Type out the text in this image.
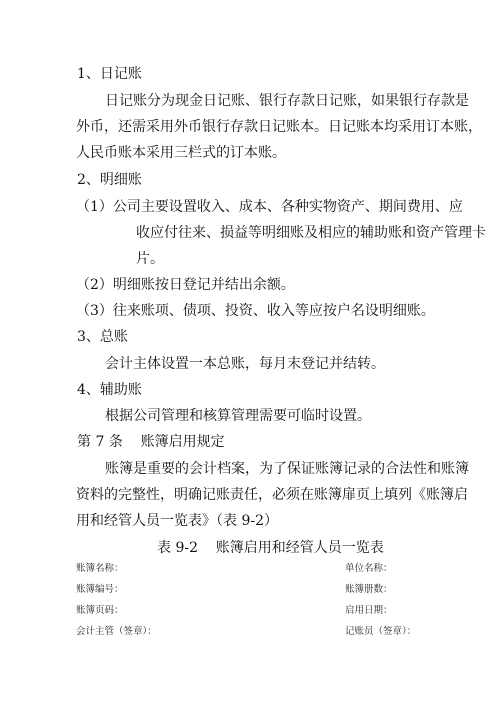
1、日记账
日记账分为现金日记账、银行存款日记账，如果银行存款是
外币，还需采用外币银行存款日记账本。日记账本均采用订本账，
人民币账本采用三栏式的订本账。
2、明细账
（1）公司主要设置收入、成本、各种实物资产、期间费用、应
收应付往来、损益等明细账及相应的辅助账和资产管理卡
片。
（2）明细账按日登记并结出余额。
（3）往来账项、债项、投资、收入等应按户名设明细账。
3、总账
会计主体设置一本总账，每月末登记并结转。
4、辅助账
根据公司管理和核算管理需要可临时设置。
第 7 条    账簿启用规定
账簿是重要的会计档案，为了保证账簿记录的合法性和账簿
资料的完整性，明确记账责任，必须在账簿扉页上填列《账簿启
用和经管人员一览表》（表 9-2）
表 9-2    账簿启用和经管人员一览表
账簿名称：	单位名称：
账簿编号：	账簿册数：
账簿页码：	启用日期：
会计主管（签章）：	记账员（签章）：
